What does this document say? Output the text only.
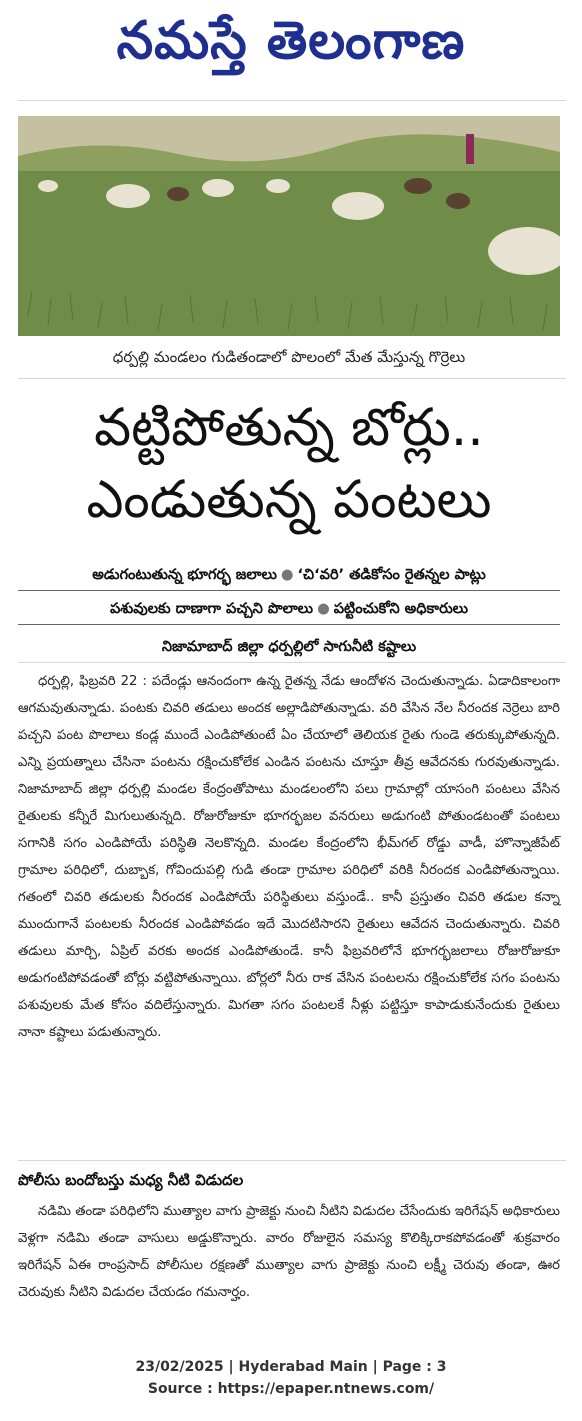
నమస్తే తెలంగాణ
ధర్పల్లి మండలం గుడితండాలో పొలంలో మేత మేస్తున్న గొర్రెలు
వట్టిపోతున్న బోర్లు..
ఎండుతున్న పంటలు
అడుగంటుతున్న భూగర్భ జలాలు ● ‘చి‘వరి’ తడికోసం రైతన్నల పాట్లు
పశువులకు దాణాగా పచ్చని పొలాలు ● పట్టించుకోని అధికారులు
నిజామాబాద్ జిల్లా ధర్పల్లిలో సాగునీటి కష్టాలు
ధర్పల్లి, ఫిబ్రవరి 22 : పదేండ్లు ఆనందంగా ఉన్న రైతన్న నేడు ఆందోళన చెందుతున్నాడు. ఏడాదికాలంగా ఆగమవుతున్నాడు. పంటకు చివరి తడులు అందక అల్లాడిపోతున్నాడు. వరి వేసిన నేల నీరందక నెర్రెలు బారి పచ్చని పంట పొలాలు కండ్ల ముందే ఎండిపోతుంటే ఏం చేయాలో తెలియక రైతు గుండె తరుక్కుపోతున్నది. ఎన్ని ప్రయత్నాలు చేసినా పంటను రక్షించుకోలేక ఎండిన పంటను చూస్తూ తీవ్ర ఆవేదనకు గురవుతున్నాడు. నిజామాబాద్ జిల్లా ధర్పల్లి మండల కేంద్రంతోపాటు మండలంలోని పలు గ్రామాల్లో యాసంగి పంటలు వేసిన రైతులకు కన్నీరే మిగులుతున్నది. రోజురోజుకూ భూగర్భజల వనరులు అడుగంటి పోతుండటంతో పంటలు సగానికి సగం ఎండిపోయే పరిస్థితి నెలకొన్నది. మండల కేంద్రంలోని భీమ్‌గల్ రోడ్డు వాడీ, హొన్నాజీపేట్ గ్రామాల పరిధిలో, దుబ్బాక, గోవిందుపల్లి గుడి తండా గ్రామాల పరిధిలో వరికి నీరందక ఎండిపోతున్నాయి. గతంలో చివరి తడులకు నీరందక ఎండిపోయే పరిస్థితులు వస్తుండే.. కానీ ప్రస్తుతం చివరి తడుల కన్నా ముందుగానే పంటలకు నీరందక ఎండిపోవడం ఇదే మొదటిసారని రైతులు ఆవేదన చెందుతున్నారు. చివరి తడులు మార్చి, ఏప్రిల్ వరకు అందక ఎండిపోతుండే. కానీ ఫిబ్రవరిలోనే భూగర్భజలాలు రోజురోజుకూ అడుగంటిపోవడంతో బోర్లు వట్టిపోతున్నాయి. బోర్లలో నీరు రాక వేసిన పంటలను రక్షించుకోలేక సగం పంటను పశువులకు మేత కోసం వదిలేస్తున్నారు. మిగతా సగం పంటలకే నీళ్లు పట్టిస్తూ కాపాడుకునేందుకు రైతులు నానా కష్టాలు పడుతున్నారు.
పోలీసు బందోబస్తు మధ్య నీటి విడుదల
నడిమి తండా పరిధిలోని ముత్యాల వాగు ప్రాజెక్టు నుంచి నీటిని విడుదల చేసేందుకు ఇరిగేషన్ అధికారులు వెళ్లగా నడిమి తండా వాసులు అడ్డుకొన్నారు. వారం రోజులైన సమస్య కొలిక్కిరాకపోవడంతో శుక్రవారం ఇరిగేషన్ ఏఈ రాంప్రసాద్ పోలీసుల రక్షణతో ముత్యాల వాగు ప్రాజెక్టు నుంచి లక్ష్మీ చెరువు తండా, ఊర చెరువుకు నీటిని విడుదల చేయడం గమనార్హం.
23/02/2025 | Hyderabad Main | Page : 3
Source : https://epaper.ntnews.com/
